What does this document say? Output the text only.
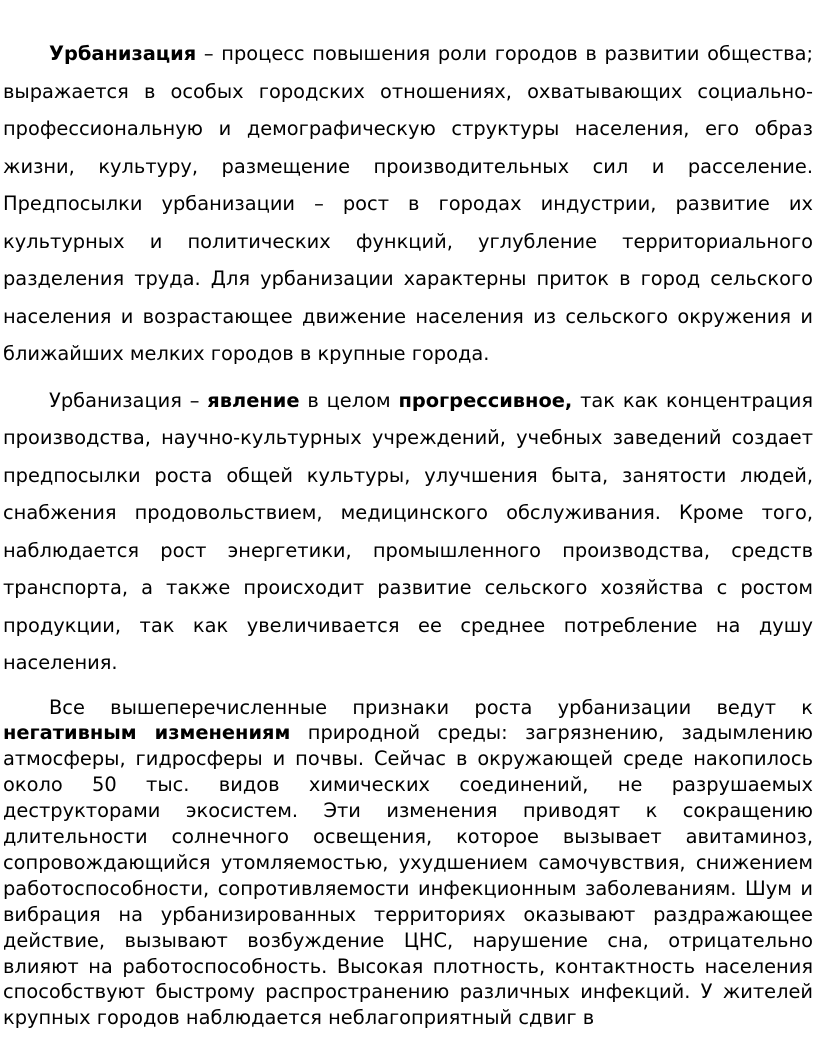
Урбанизация – процесс повышения роли городов в развитии общества; выражается в особых городских отношениях, охватывающих социально-профессиональную и демографическую структуры населения, его образ жизни, культуру, размещение производительных сил и расселение. Предпосылки урбанизации – рост в городах индустрии, развитие их культурных и политических функций, углубление территориального разделения труда. Для урбанизации характерны приток в город сельского населения и возрастающее движение населения из сельского окружения и ближайших мелких городов в крупные города.

Урбанизация – явление в целом прогрессивное, так как концентрация производства, научно-культурных учреждений, учебных заведений создает предпосылки роста общей культуры, улучшения быта, занятости людей, снабжения продовольствием, медицинского обслуживания. Кроме того, наблюдается рост энергетики, промышленного производства, средств транспорта, а также происходит развитие сельского хозяйства с ростом продукции, так как увеличивается ее среднее потребление на душу населения.

Все вышеперечисленные признаки роста урбанизации ведут к негативным изменениям природной среды: загрязнению, задымлению атмосферы, гидросферы и почвы. Сейчас в окружающей среде накопилось около 50 тыс. видов химических соединений, не разрушаемых деструкторами экосистем. Эти изменения приводят к сокращению длительности солнечного освещения, которое вызывает авитаминоз, сопровождающийся утомляемостью, ухудшением самочувствия, снижением работоспособности, сопротивляемости инфекционным заболеваниям. Шум и вибрация на урбанизированных территориях оказывают раздражающее действие, вызывают возбуждение ЦНС, нарушение сна, отрицательно влияют на работоспособность. Высокая плотность, контактность населения способствуют быстрому распространению различных инфекций. У жителей крупных городов наблюдается неблагоприятный сдвиг в
